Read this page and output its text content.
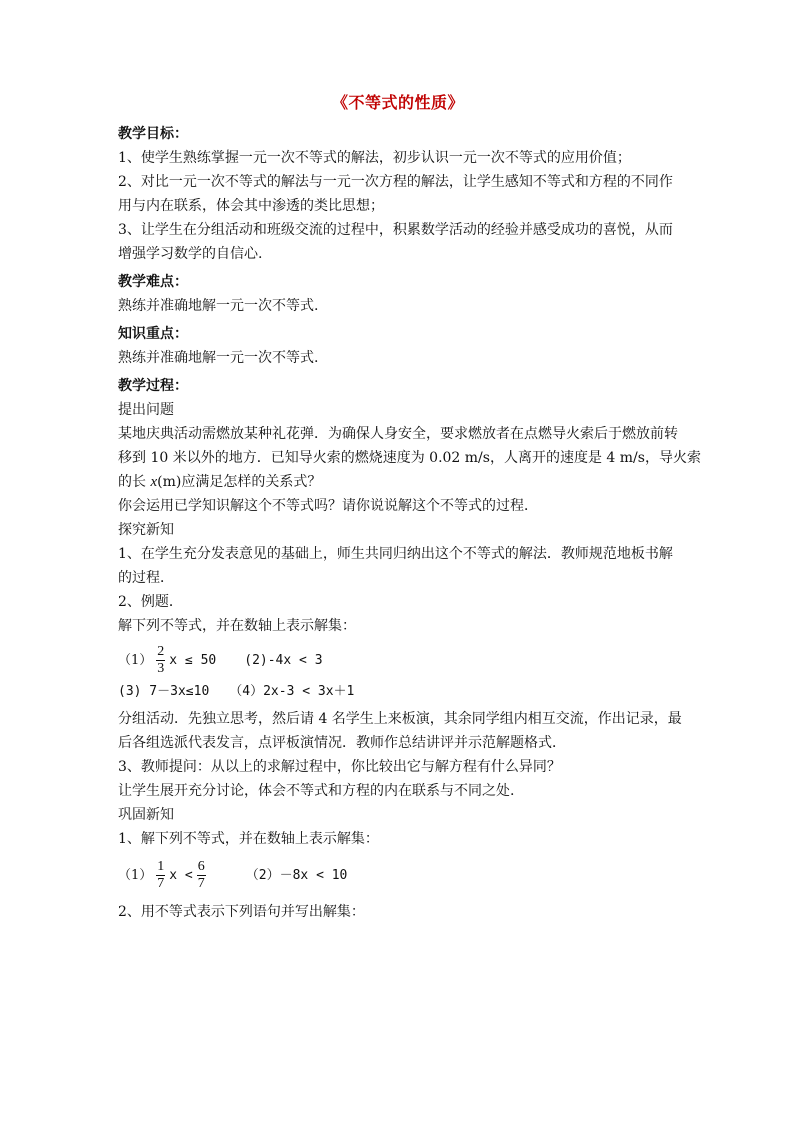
《不等式的性质》
教学目标：
1、使学生熟练掌握一元一次不等式的解法，初步认识一元一次不等式的应用价值；
2、对比一元一次不等式的解法与一元一次方程的解法，让学生感知不等式和方程的不同作
用与内在联系，体会其中渗透的类比思想；
3、让学生在分组活动和班级交流的过程中，积累数学活动的经验并感受成功的喜悦，从而
增强学习数学的自信心.
教学难点：
熟练并准确地解一元一次不等式.
知识重点：
熟练并准确地解一元一次不等式.
教学过程：
提出问题
某地庆典活动需燃放某种礼花弹．为确保人身安全，要求燃放者在点燃导火索后于燃放前转
移到 10 米以外的地方．已知导火索的燃烧速度为 0.02 m/s，人离开的速度是 4 m/s，导火索
的长 x(m)应满足怎样的关系式？
你会运用已学知识解这个不等式吗？请你说说解这个不等式的过程．
探究新知
1、在学生充分发表意见的基础上，师生共同归纳出这个不等式的解法．教师规范地板书解
的过程．
2、例题．
解下列不等式，并在数轴上表示解集：
$(1) \frac{2}{3}$ x ≤ 50 (2)-4x < 3
(3) 7－3x≤10 （4）2x-3 < 3x＋1
分组活动．先独立思考，然后请 4 名学生上来板演，其余同学组内相互交流，作出记录，最
后各组选派代表发言，点评板演情况．教师作总结讲评并示范解题格式．
3、教师提问：从以上的求解过程中，你比较出它与解方程有什么异同？
让学生展开充分讨论，体会不等式和方程的内在联系与不同之处.
巩固新知
1、解下列不等式，并在数轴上表示解集：
$(1) \frac{1}{7}$ $x < \frac{6}{7}$	（2）－8x < 10
2、用不等式表示下列语句并写出解集：
